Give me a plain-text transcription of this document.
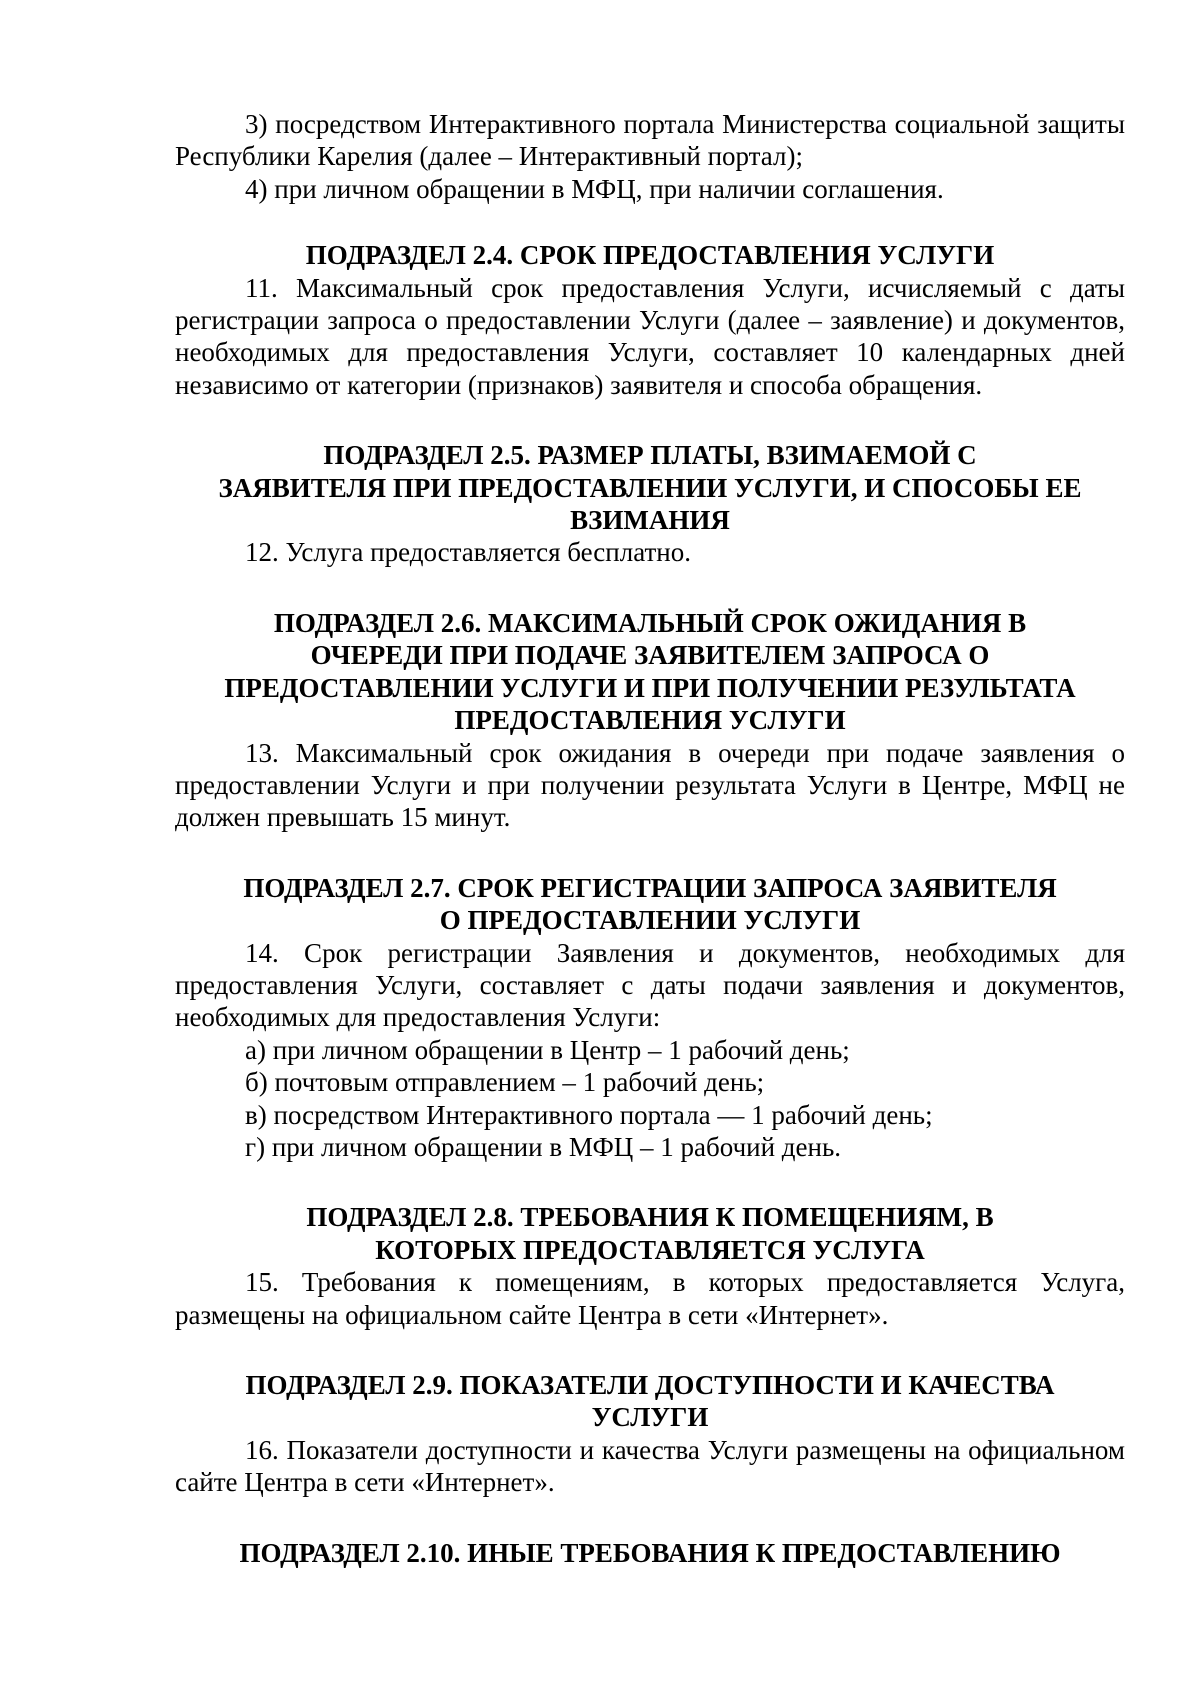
3) посредством Интерактивного портала Министерства социальной защиты Республики Карелия (далее – Интерактивный портал);

4) при личном обращении в МФЦ, при наличии соглашения.

ПОДРАЗДЕЛ 2.4. СРОК ПРЕДОСТАВЛЕНИЯ УСЛУГИ

11. Максимальный срок предоставления Услуги, исчисляемый с даты регистрации запроса о предоставлении Услуги (далее – заявление) и документов, необходимых для предоставления Услуги, составляет 10 календарных дней независимо от категории (признаков) заявителя и способа обращения.

ПОДРАЗДЕЛ 2.5. РАЗМЕР ПЛАТЫ, ВЗИМАЕМОЙ С
ЗАЯВИТЕЛЯ ПРИ ПРЕДОСТАВЛЕНИИ УСЛУГИ, И СПОСОБЫ ЕЕ
ВЗИМАНИЯ

12. Услуга предоставляется бесплатно.

ПОДРАЗДЕЛ 2.6. МАКСИМАЛЬНЫЙ СРОК ОЖИДАНИЯ В
ОЧЕРЕДИ ПРИ ПОДАЧЕ ЗАЯВИТЕЛЕМ ЗАПРОСА О
ПРЕДОСТАВЛЕНИИ УСЛУГИ И ПРИ ПОЛУЧЕНИИ РЕЗУЛЬТАТА
ПРЕДОСТАВЛЕНИЯ УСЛУГИ

13. Максимальный срок ожидания в очереди при подаче заявления о предоставлении Услуги и при получении результата Услуги в Центре, МФЦ не должен превышать 15 минут.

ПОДРАЗДЕЛ 2.7. СРОК РЕГИСТРАЦИИ ЗАПРОСА ЗАЯВИТЕЛЯ
О ПРЕДОСТАВЛЕНИИ УСЛУГИ

14. Срок регистрации Заявления и документов, необходимых для предоставления Услуги, составляет с даты подачи заявления и документов, необходимых для предоставления Услуги:

а) при личном обращении в Центр – 1 рабочий день;

б) почтовым отправлением – 1 рабочий день;

в) посредством Интерактивного портала — 1 рабочий день;

г) при личном обращении в МФЦ – 1 рабочий день.

ПОДРАЗДЕЛ 2.8. ТРЕБОВАНИЯ К ПОМЕЩЕНИЯМ, В
КОТОРЫХ ПРЕДОСТАВЛЯЕТСЯ УСЛУГА

15. Требования к помещениям, в которых предоставляется Услуга, размещены на официальном сайте Центра в сети «Интернет».

ПОДРАЗДЕЛ 2.9. ПОКАЗАТЕЛИ ДОСТУПНОСТИ И КАЧЕСТВА
УСЛУГИ

16. Показатели доступности и качества Услуги размещены на официальном сайте Центра в сети «Интернет».

ПОДРАЗДЕЛ 2.10. ИНЫЕ ТРЕБОВАНИЯ К ПРЕДОСТАВЛЕНИЮ
